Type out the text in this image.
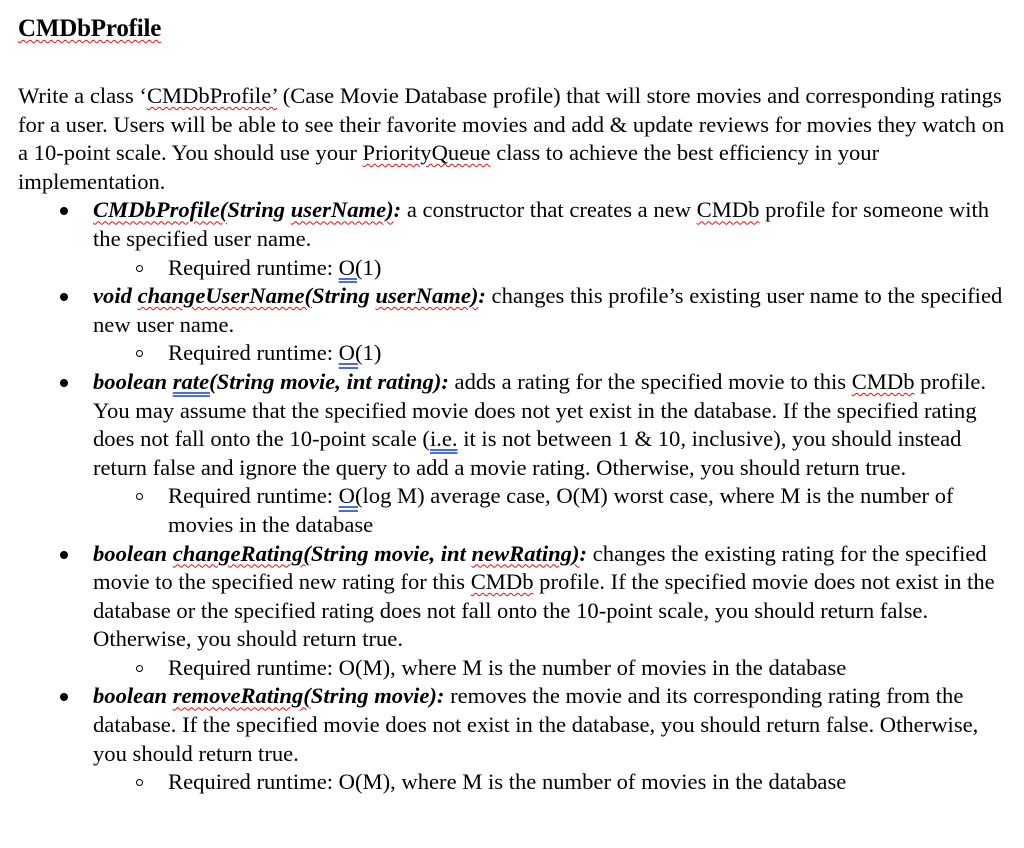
CMDbProfile

Write a class ‘CMDbProfile’ (Case Movie Database profile) that will store movies and corresponding ratings for a user. Users will be able to see their favorite movies and add & update reviews for movies they watch on a 10-point scale. You should use your PriorityQueue class to achieve the best efficiency in your implementation.

CMDbProfile(String userName): a constructor that creates a new CMDb profile for someone with the specified user name.
Required runtime: O(1)
void changeUserName(String userName): changes this profile’s existing user name to the specified new user name.
Required runtime: O(1)
boolean rate(String movie, int rating): adds a rating for the specified movie to this CMDb profile. You may assume that the specified movie does not yet exist in the database. If the specified rating does not fall onto the 10-point scale (i.e. it is not between 1 & 10, inclusive), you should instead return false and ignore the query to add a movie rating. Otherwise, you should return true.
Required runtime: O(log M) average case, O(M) worst case, where M is the number of movies in the database
boolean changeRating(String movie, int newRating): changes the existing rating for the specified movie to the specified new rating for this CMDb profile. If the specified movie does not exist in the database or the specified rating does not fall onto the 10-point scale, you should return false. Otherwise, you should return true.
Required runtime: O(M), where M is the number of movies in the database
boolean removeRating(String movie): removes the movie and its corresponding rating from the database. If the specified movie does not exist in the database, you should return false. Otherwise, you should return true.
Required runtime: O(M), where M is the number of movies in the database
